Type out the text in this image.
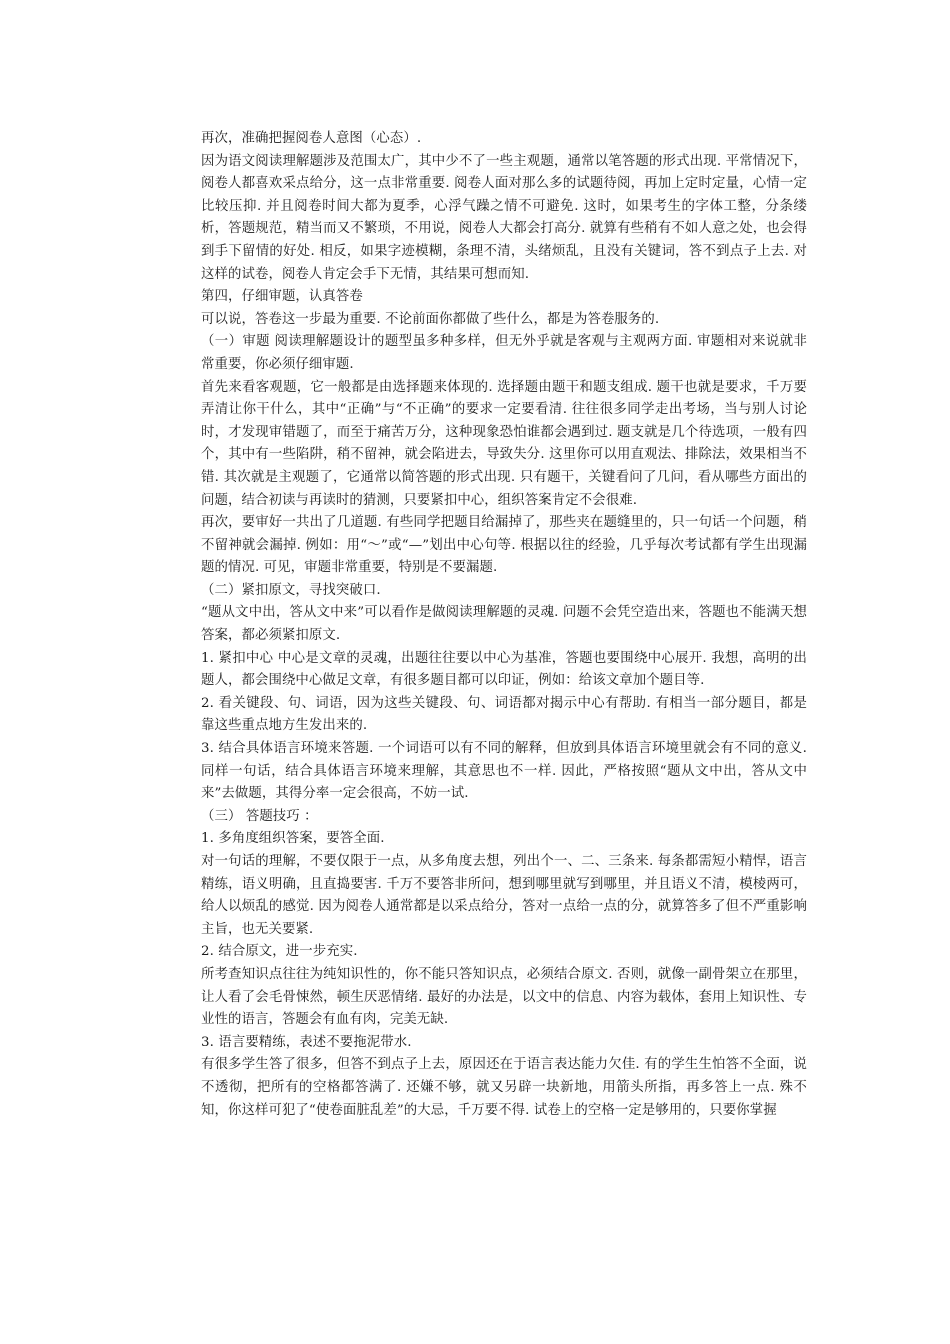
再次，准确把握阅卷人意图（心态）.

因为语文阅读理解题涉及范围太广，其中少不了一些主观题，通常以笔答题的形式出现. 平常情况下，阅卷人都喜欢采点给分，这一点非常重要. 阅卷人面对那么多的试题待阅，再加上定时定量，心情一定比较压抑. 并且阅卷时间大都为夏季，心浮气躁之情不可避免. 这时，如果考生的字体工整，分条缕析，答题规范，精当而又不繁琐，不用说，阅卷人大都会打高分. 就算有些稍有不如人意之处，也会得到手下留情的好处. 相反，如果字迹模糊，条理不清，头绪烦乱，且没有关键词，答不到点子上去. 对这样的试卷，阅卷人肯定会手下无情，其结果可想而知.

第四，仔细审题，认真答卷

可以说，答卷这一步最为重要. 不论前面你都做了些什么，都是为答卷服务的.

（一）审题 阅读理解题设计的题型虽多种多样，但无外乎就是客观与主观两方面. 审题相对来说就非常重要，你必须仔细审题.

首先来看客观题，它一般都是由选择题来体现的. 选择题由题干和题支组成. 题干也就是要求，千万要弄清让你干什么，其中“正确”与“不正确”的要求一定要看清. 往往很多同学走出考场，当与别人讨论时，才发现审错题了，而至于痛苦万分，这种现象恐怕谁都会遇到过. 题支就是几个待选项，一般有四个，其中有一些陷阱，稍不留神，就会陷进去，导致失分. 这里你可以用直观法、排除法，效果相当不错. 其次就是主观题了，它通常以简答题的形式出现. 只有题干，关键看问了几问，看从哪些方面出的问题，结合初读与再读时的猜测，只要紧扣中心，组织答案肯定不会很难.

再次，要审好一共出了几道题. 有些同学把题目给漏掉了，那些夹在题缝里的，只一句话一个问题，稍不留神就会漏掉. 例如：用“～”或“—”划出中心句等. 根据以往的经验，几乎每次考试都有学生出现漏题的情况. 可见，审题非常重要，特别是不要漏题.

（二）紧扣原文，寻找突破口.

“题从文中出，答从文中来”可以看作是做阅读理解题的灵魂. 问题不会凭空造出来，答题也不能满天想答案，都必须紧扣原文.

1. 紧扣中心 中心是文章的灵魂，出题往往要以中心为基准，答题也要围绕中心展开. 我想，高明的出题人，都会围绕中心做足文章，有很多题目都可以印证，例如：给该文章加个题目等.

2. 看关键段、句、词语，因为这些关键段、句、词语都对揭示中心有帮助. 有相当一部分题目，都是靠这些重点地方生发出来的.

3. 结合具体语言环境来答题. 一个词语可以有不同的解释，但放到具体语言环境里就会有不同的意义. 同样一句话，结合具体语言环境来理解，其意思也不一样. 因此，严格按照“题从文中出，答从文中来”去做题，其得分率一定会很高，不妨一试.

（三） 答题技巧 ：

1. 多角度组织答案，要答全面.

对一句话的理解，不要仅限于一点，从多角度去想，列出个一、二、三条来. 每条都需短小精悍，语言精练，语义明确，且直捣要害. 千万不要答非所问，想到哪里就写到哪里，并且语义不清，模棱两可，给人以烦乱的感觉. 因为阅卷人通常都是以采点给分，答对一点给一点的分，就算答多了但不严重影响主旨，也无关要紧.

2. 结合原文，进一步充实.

所考查知识点往往为纯知识性的，你不能只答知识点，必须结合原文. 否则，就像一副骨架立在那里，让人看了会毛骨悚然，顿生厌恶情绪. 最好的办法是，以文中的信息、内容为载体，套用上知识性、专业性的语言，答题会有血有肉，完美无缺.

3. 语言要精练，表述不要拖泥带水.

有很多学生答了很多，但答不到点子上去，原因还在于语言表达能力欠佳. 有的学生生怕答不全面，说不透彻，把所有的空格都答满了. 还嫌不够，就又另辟一块新地，用箭头所指，再多答上一点. 殊不知，你这样可犯了“使卷面脏乱差”的大忌，千万要不得. 试卷上的空格一定是够用的，只要你掌握
